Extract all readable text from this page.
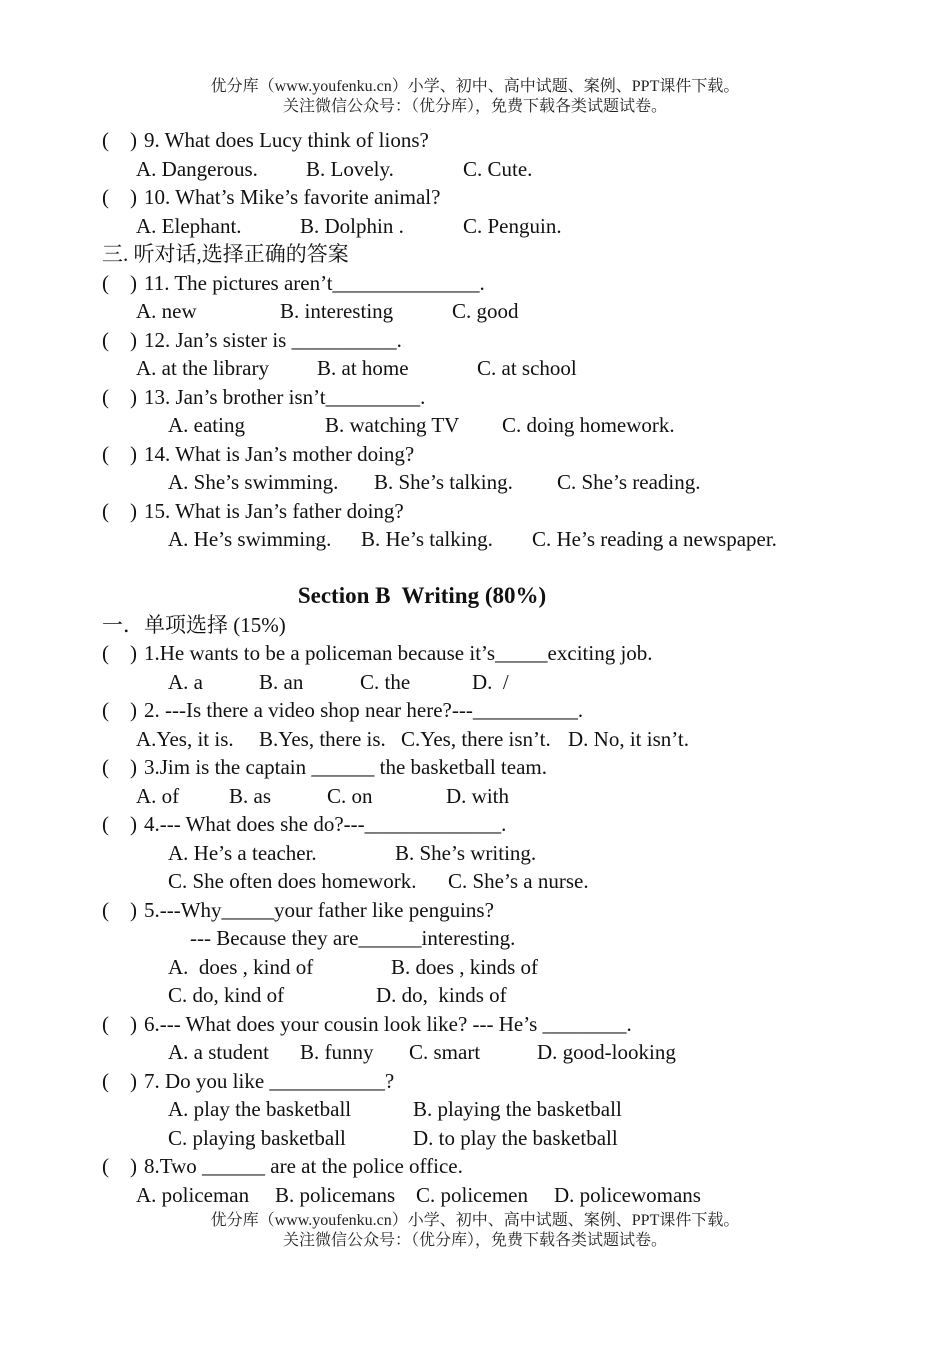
优分库（www.youfenku.cn）小学、初中、高中试题、案例、PPT课件下载。
关注微信公众号：（优分库），免费下载各类试题试卷。
(    ) 9. What does Lucy think of lions?

A. Dangerous.

B. Lovely.

	C. Cute.

(    ) 10. What’s Mike’s favorite animal?

A. Elephant.

	B. Dolphin .

	C. Penguin.

三. 听对话,选择正确的答案
(    ) 11. The pictures aren’t______________.

A. new

	B. interesting

	C. good

(    ) 12. Jan’s sister is __________.

A. at the library

B. at home

	C. at school

(    ) 13. Jan’s brother isn’t_________.

A. eating

	B. watching TV

C. doing homework.

(    ) 14. What is Jan’s mother doing?

A. She’s swimming.

B. She’s talking.

C. She’s reading.

(    ) 15. What is Jan’s father doing?

A. He’s swimming.

B. He’s talking.

C. He’s reading a newspaper.

Section B  Writing (80%)
一．单项选择 (15%)
(    ) 1.He wants to be a policeman because it’s_____exciting job.

A. a

	B. an

	C. the

	D.  /

(    ) 2. ---Is there a video shop near here?---__________.

A.Yes, it is.

B.Yes, there is.

C.Yes, there isn’t.

D. No, it isn’t.

(    ) 3.Jim is the captain ______ the basketball team.

A. of

B. as

	C. on

	D. with

(    ) 4.--- What does she do?---_____________.

A. He’s a teacher.

	B. She’s writing.

C. She often does homework.

C. She’s a nurse.

(    ) 5.---Why_____your father like penguins?

--- Because they are______interesting.

A.  does , kind of

	B. does , kinds of

C. do, kind of

	D. do,  kinds of

(    ) 6.--- What does your cousin look like? --- He’s ________.

A. a student

B. funny

C. smart

	D. good-looking

(    ) 7. Do you like ___________?

A. play the basketball

	B. playing the basketball

C. playing basketball

	D. to play the basketball

(    ) 8.Two ______ are at the police office.

A. policeman

B. policemans

C. policemen

D. policewomans

优分库（www.youfenku.cn）小学、初中、高中试题、案例、PPT课件下载。
关注微信公众号：（优分库），免费下载各类试题试卷。
